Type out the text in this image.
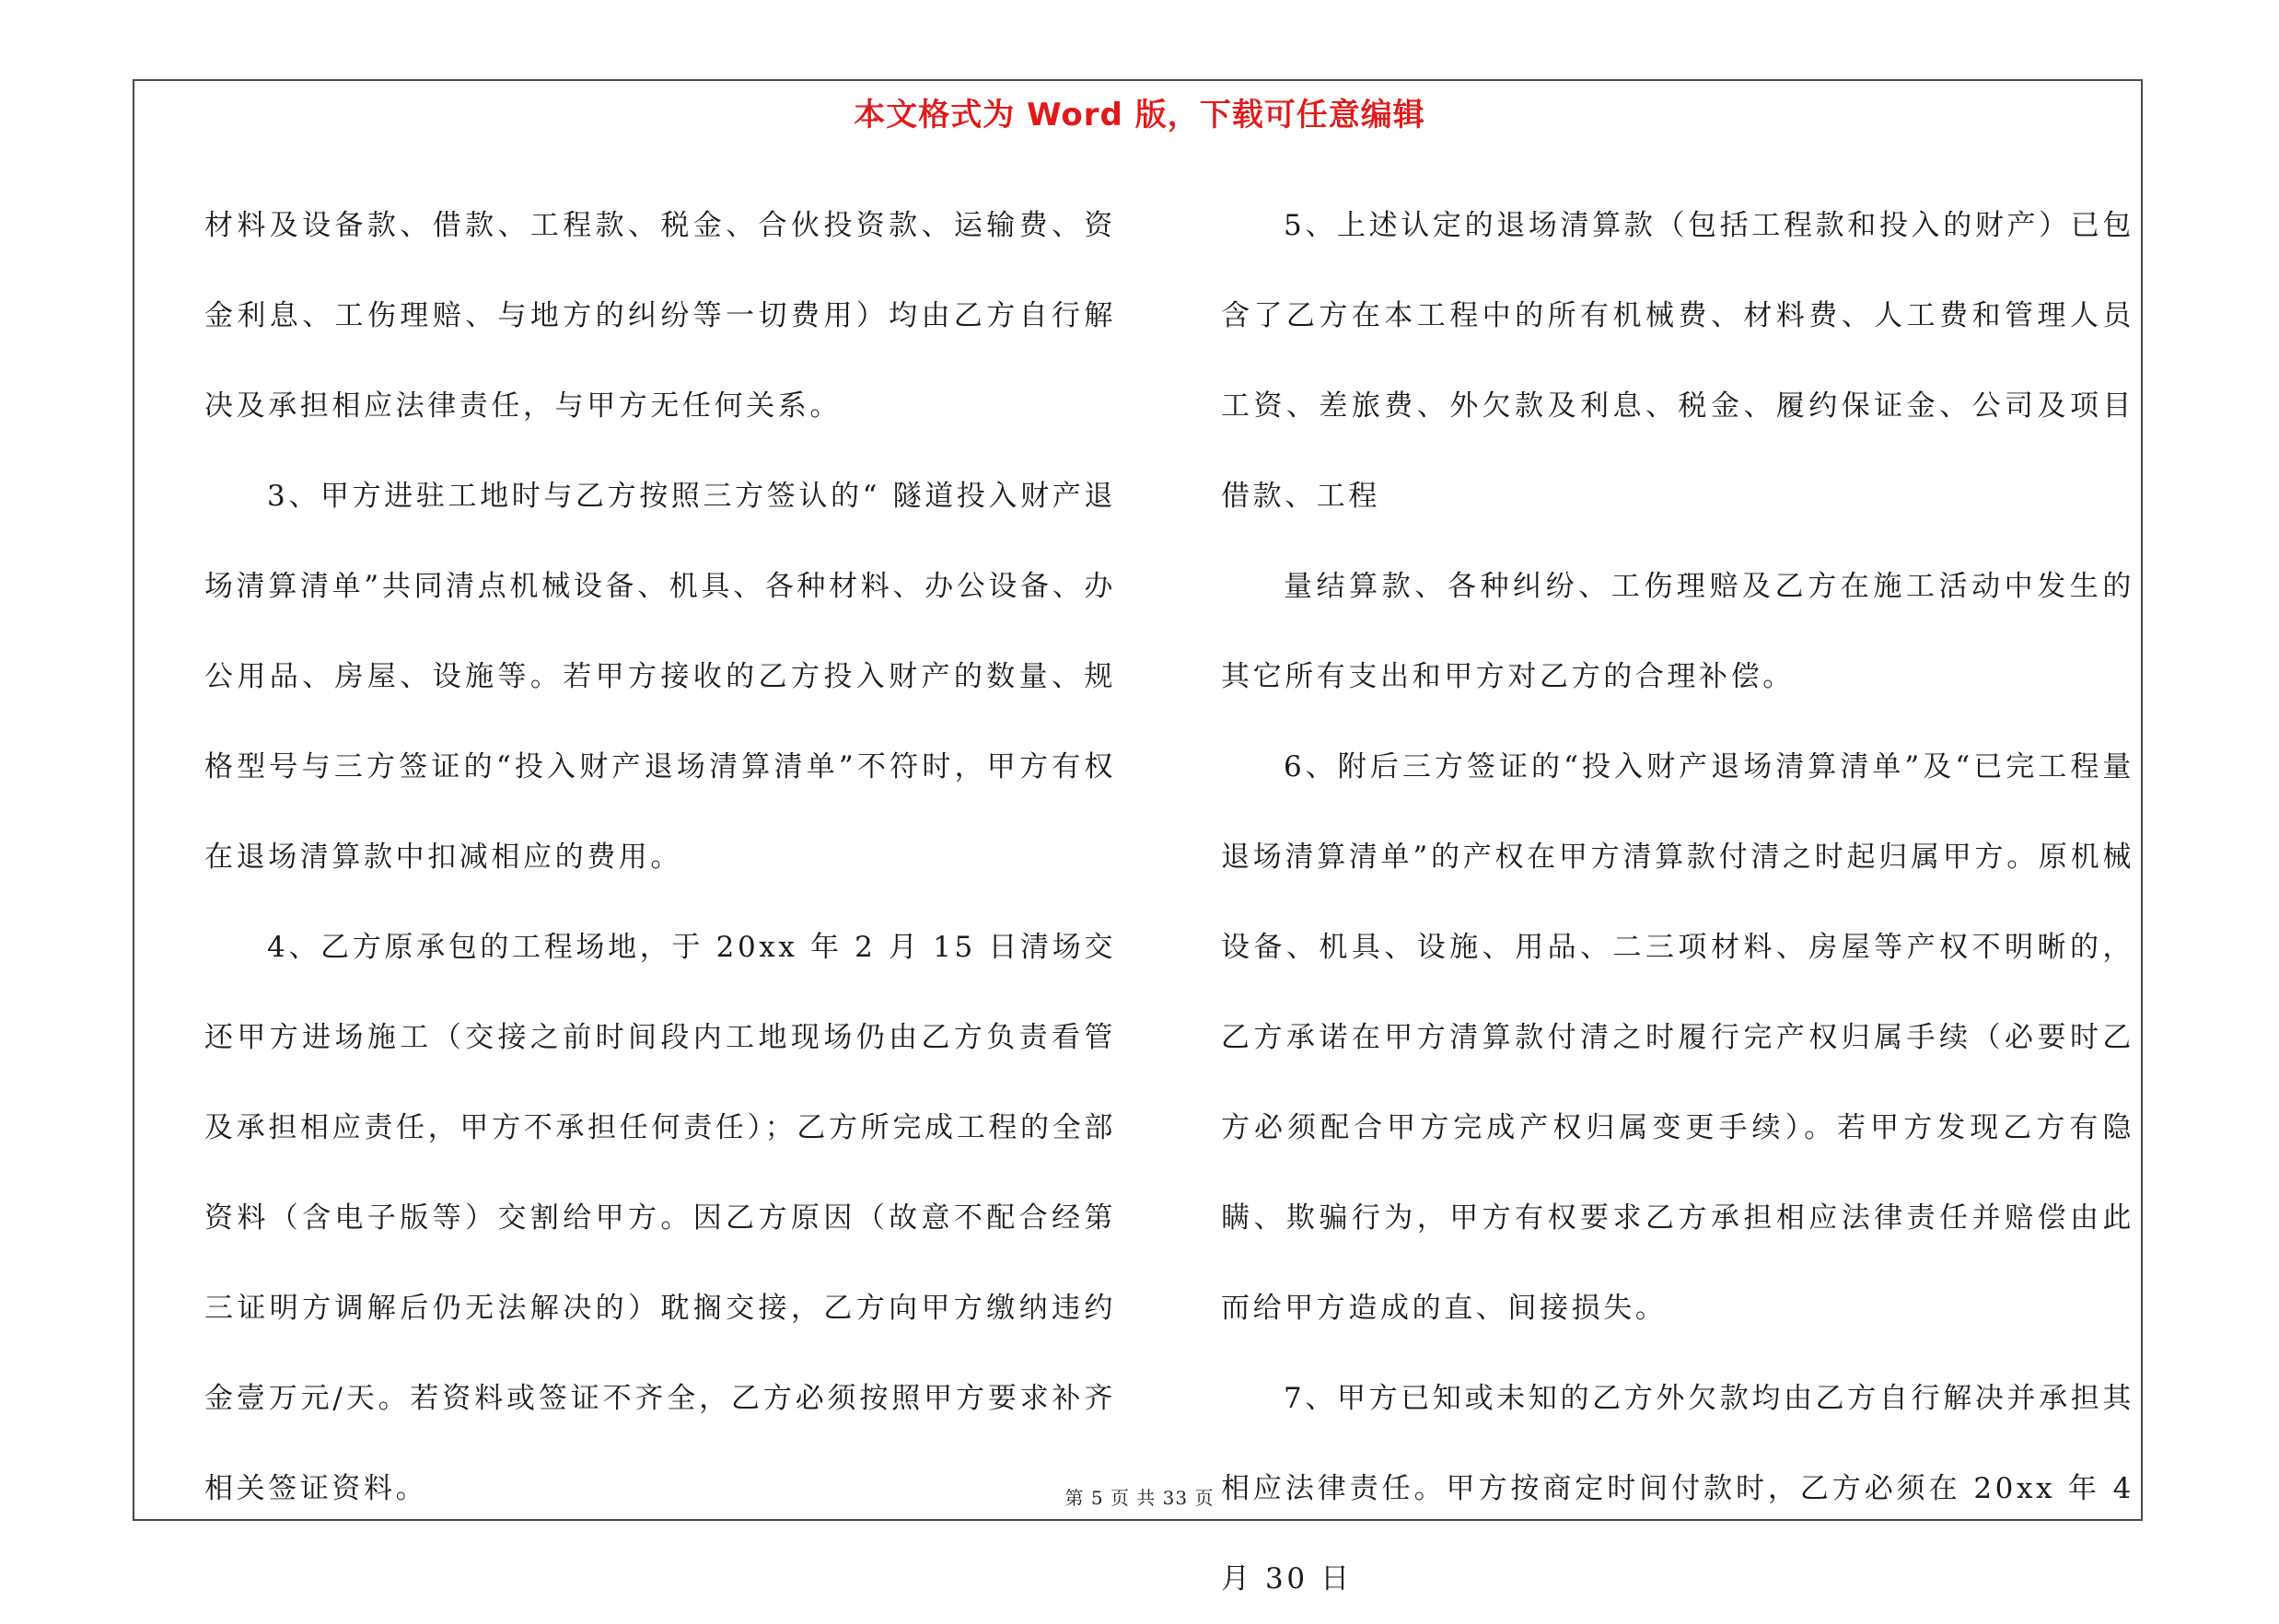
本文格式为 Word 版，下载可任意编辑

材料及设备款、借款、工程款、税金、合伙投资款、运输费、资金利息、工伤理赔、与地方的纠纷等一切费用）均由乙方自行解决及承担相应法律责任，与甲方无任何关系。

3、甲方进驻工地时与乙方按照三方签认的“ 隧道投入财产退场清算清单”共同清点机械设备、机具、各种材料、办公设备、办公用品、房屋、设施等。若甲方接收的乙方投入财产的数量、规格型号与三方签证的“投入财产退场清算清单”不符时，甲方有权在退场清算款中扣减相应的费用。

4、乙方原承包的工程场地，于 20xx 年 2 月 15 日清场交还甲方进场施工（交接之前时间段内工地现场仍由乙方负责看管及承担相应责任，甲方不承担任何责任）；乙方所完成工程的全部资料（含电子版等）交割给甲方。因乙方原因（故意不配合经第三证明方调解后仍无法解决的）耽搁交接，乙方向甲方缴纳违约金壹万元/天。若资料或签证不齐全，乙方必须按照甲方要求补齐相关签证资料。

5、上述认定的退场清算款（包括工程款和投入的财产）已包含了乙方在本工程中的所有机械费、材料费、人工费和管理人员工资、差旅费、外欠款及利息、税金、履约保证金、公司及项目借款、工程

量结算款、各种纠纷、工伤理赔及乙方在施工活动中发生的其它所有支出和甲方对乙方的合理补偿。

6、附后三方签证的“投入财产退场清算清单”及“已完工程量退场清算清单”的产权在甲方清算款付清之时起归属甲方。原机械设备、机具、设施、用品、二三项材料、房屋等产权不明晰的，乙方承诺在甲方清算款付清之时履行完产权归属手续（必要时乙方必须配合甲方完成产权归属变更手续）。若甲方发现乙方有隐瞒、欺骗行为，甲方有权要求乙方承担相应法律责任并赔偿由此而给甲方造成的直、间接损失。

7、甲方已知或未知的乙方外欠款均由乙方自行解决并承担其相应法律责任。甲方按商定时间付款时，乙方必须在 20xx 年 4 月 30 日

第 5 页 共 33 页
